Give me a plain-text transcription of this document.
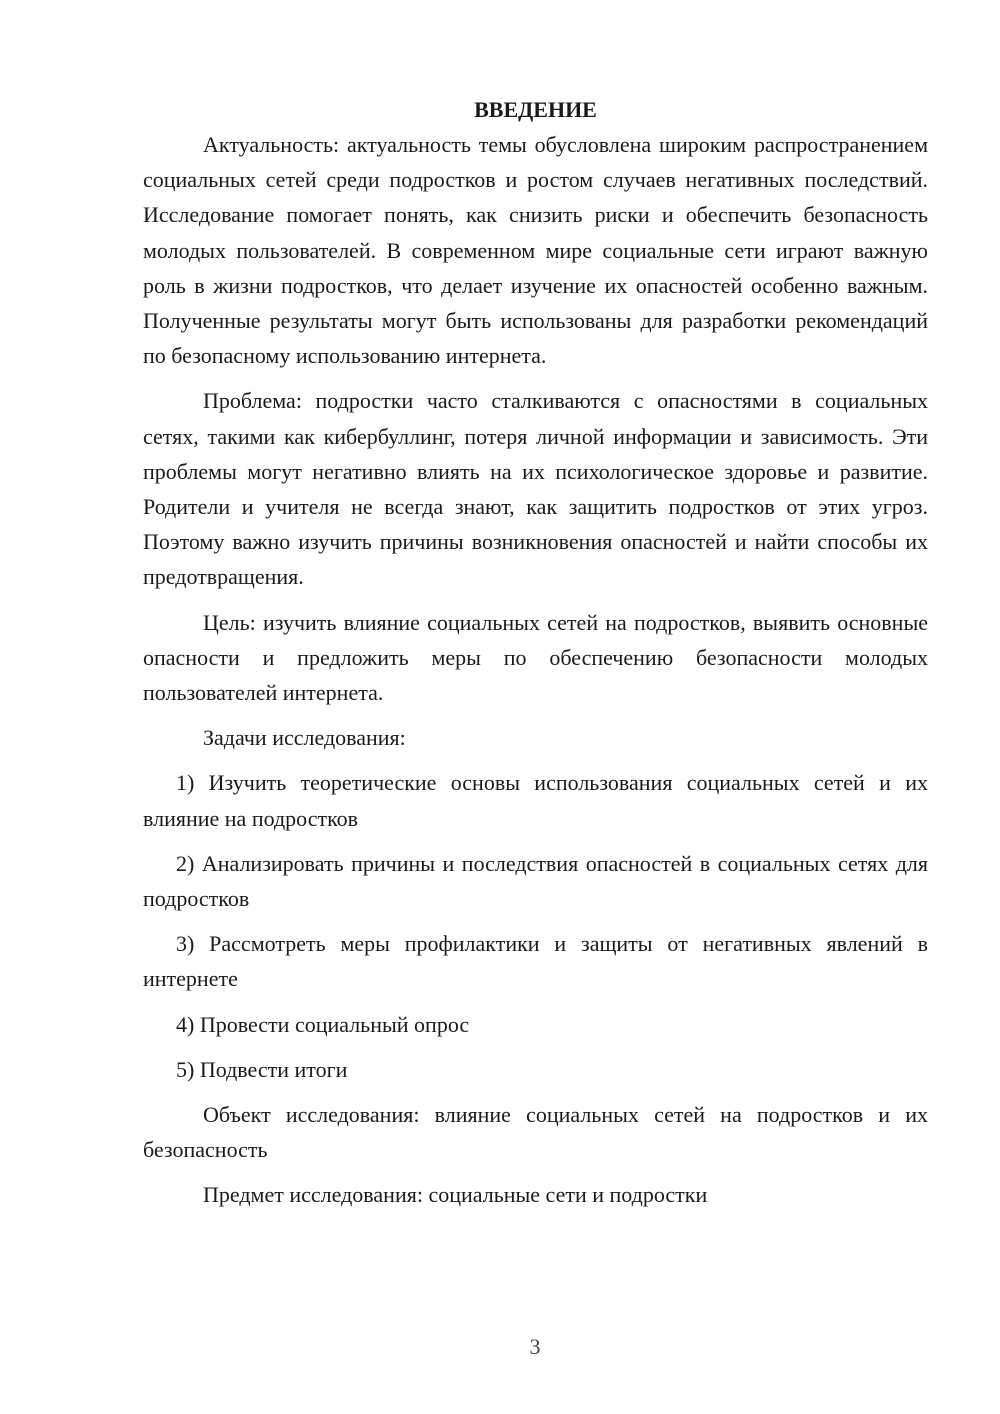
ВВЕДЕНИЕ

Актуальность: актуальность темы обусловлена широким распространением социальных сетей среди подростков и ростом случаев негативных последствий. Исследование помогает понять, как снизить риски и обеспечить безопасность молодых пользователей. В современном мире социальные сети играют важную роль в жизни подростков, что делает изучение их опасностей особенно важным. Полученные результаты могут быть использованы для разработки рекомендаций по безопасному использованию интернета.

Проблема: подростки часто сталкиваются с опасностями в социальных сетях, такими как кибербуллинг, потеря личной информации и зависимость. Эти проблемы могут негативно влиять на их психологическое здоровье и развитие. Родители и учителя не всегда знают, как защитить подростков от этих угроз. Поэтому важно изучить причины возникновения опасностей и найти способы их предотвращения.

Цель: изучить влияние социальных сетей на подростков, выявить основные опасности и предложить меры по обеспечению безопасности молодых пользователей интернета.

Задачи исследования:

1) Изучить теоретические основы использования социальных сетей и их влияние на подростков

2) Анализировать причины и последствия опасностей в социальных сетях для подростков

3) Рассмотреть меры профилактики и защиты от негативных явлений в интернете

4) Провести социальный опрос

5) Подвести итоги

Объект исследования: влияние социальных сетей на подростков и их безопасность

Предмет исследования: социальные сети и подростки

3
